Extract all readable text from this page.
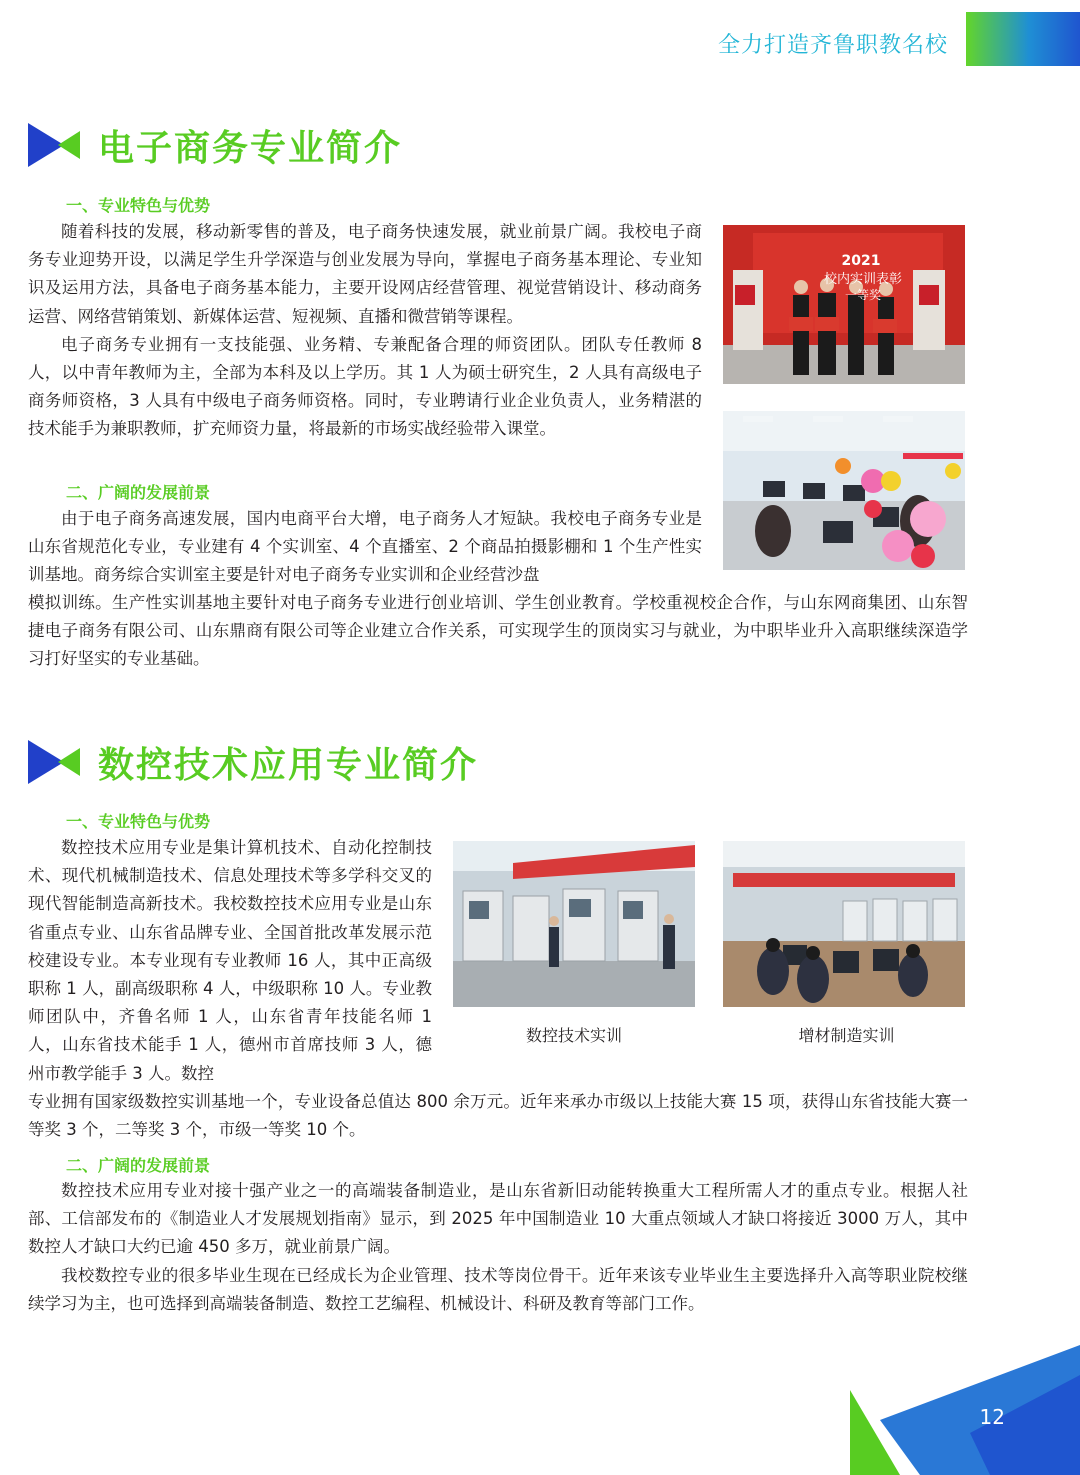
全力打造齐鲁职教名校
电子商务专业简介
一、专业特色与优势

随着科技的发展，移动新零售的普及，电子商务快速发展，就业前景广阔。我校电子商务专业迎势开设，以满足学生升学深造与创业发展为导向，掌握电子商务基本理论、专业知识及运用方法，具备电子商务基本能力，主要开设网店经营管理、视觉营销设计、移动商务运营、网络营销策划、新媒体运营、短视频、直播和微营销等课程。

电子商务专业拥有一支技能强、业务精、专兼配备合理的师资团队。团队专任教师 8 人，以中青年教师为主，全部为本科及以上学历。其 1 人为硕士研究生，2 人具有高级电子商务师资格，3 人具有中级电子商务师资格。同时，专业聘请行业企业负责人，业务精湛的技术能手为兼职教师，扩充师资力量，将最新的市场实战经验带入课堂。

二、广阔的发展前景

由于电子商务高速发展，国内电商平台大增，电子商务人才短缺。我校电子商务专业是山东省规范化专业，专业建有 4 个实训室、4 个直播室、2 个商品拍摄影棚和 1 个生产性实训基地。商务综合实训室主要是针对电子商务专业实训和企业经营沙盘

模拟训练。生产性实训基地主要针对电子商务专业进行创业培训、学生创业教育。学校重视校企合作，与山东网商集团、山东智捷电子商务有限公司、山东鼎商有限公司等企业建立合作关系，可实现学生的顶岗实习与就业，为中职毕业升入高职继续深造学习打好坚实的专业基础。

2021
校内实训表彰
一等奖
数控技术应用专业简介
一、专业特色与优势

数控技术应用专业是集计算机技术、自动化控制技术、现代机械制造技术、信息处理技术等多学科交叉的现代智能制造高新技术。我校数控技术应用专业是山东省重点专业、山东省品牌专业、全国首批改革发展示范校建设专业。本专业现有专业教师 16 人，其中正高级职称 1 人，副高级职称 4 人，中级职称 10 人。专业教师团队中，齐鲁名师 1 人，山东省青年技能名师 1 人，山东省技术能手 1 人，德州市首席技师 3 人，德州市教学能手 3 人。数控

专业拥有国家级数控实训基地一个，专业设备总值达 800 余万元。近年来承办市级以上技能大赛 15 项，获得山东省技能大赛一等奖 3 个，二等奖 3 个，市级一等奖 10 个。

数控技术实训	增材制造实训
二、广阔的发展前景

数控技术应用专业对接十强产业之一的高端装备制造业，是山东省新旧动能转换重大工程所需人才的重点专业。根据人社部、工信部发布的《制造业人才发展规划指南》显示，到 2025 年中国制造业 10 大重点领域人才缺口将接近 3000 万人，其中数控人才缺口大约已逾 450 多万，就业前景广阔。

我校数控专业的很多毕业生现在已经成长为企业管理、技术等岗位骨干。近年来该专业毕业生主要选择升入高等职业院校继续学习为主，也可选择到高端装备制造、数控工艺编程、机械设计、科研及教育等部门工作。

12
